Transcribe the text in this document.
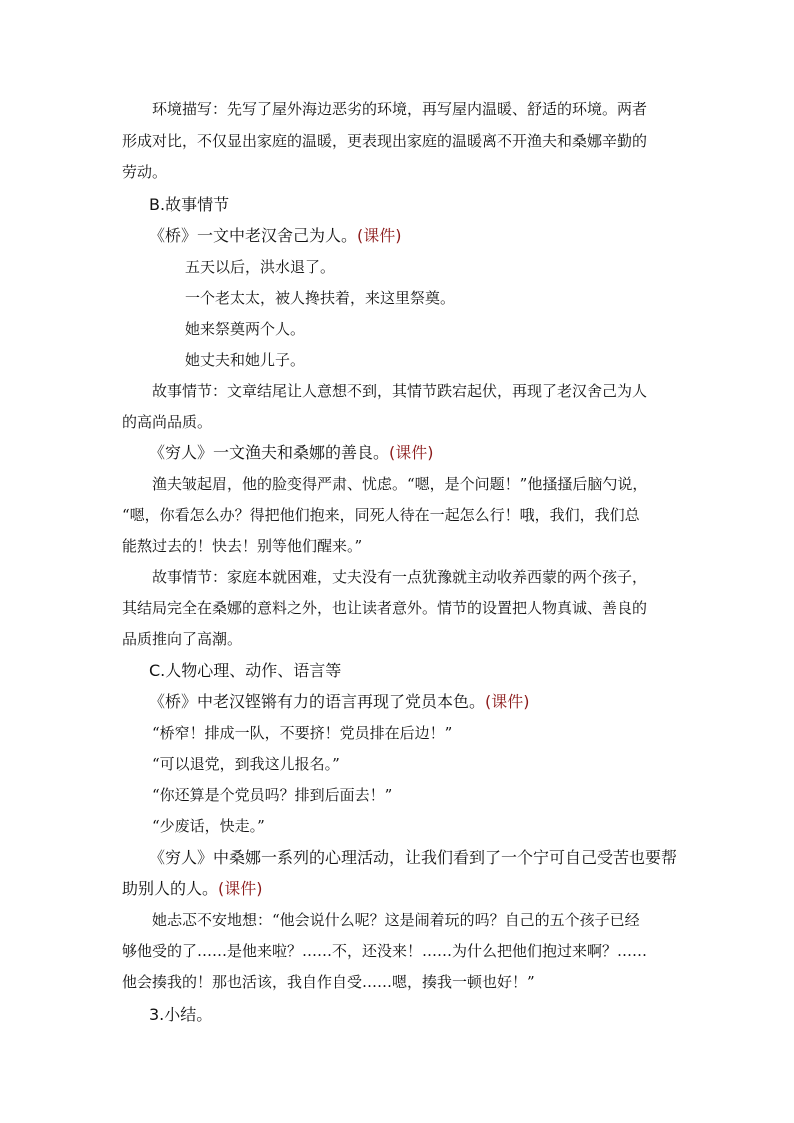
环境描写：先写了屋外海边恶劣的环境，再写屋内温暖、舒适的环境。两者
形成对比，不仅显出家庭的温暖，更表现出家庭的温暖离不开渔夫和桑娜辛勤的
劳动。
B.故事情节
《桥》一文中老汉舍己为人。(课件)
五天以后，洪水退了。
一个老太太，被人搀扶着，来这里祭奠。
她来祭奠两个人。
她丈夫和她儿子。
故事情节：文章结尾让人意想不到，其情节跌宕起伏，再现了老汉舍己为人
的高尚品质。
《穷人》一文渔夫和桑娜的善良。(课件)
渔夫皱起眉，他的脸变得严肃、忧虑。“嗯，是个问题！”他搔搔后脑勺说，
“嗯，你看怎么办？得把他们抱来，同死人待在一起怎么行！哦，我们，我们总
能熬过去的！快去！别等他们醒来。”
故事情节：家庭本就困难，丈夫没有一点犹豫就主动收养西蒙的两个孩子，
其结局完全在桑娜的意料之外，也让读者意外。情节的设置把人物真诚、善良的
品质推向了高潮。
C.人物心理、动作、语言等
《桥》中老汉铿锵有力的语言再现了党员本色。(课件)
“桥窄！排成一队，不要挤！党员排在后边！”
“可以退党，到我这儿报名。”
“你还算是个党员吗？排到后面去！”
“少废话，快走。”
《穷人》中桑娜一系列的心理活动，让我们看到了一个宁可自己受苦也要帮
助别人的人。(课件)
她忐忑不安地想：“他会说什么呢？这是闹着玩的吗？自己的五个孩子已经
够他受的了……是他来啦？……不，还没来！……为什么把他们抱过来啊？……
他会揍我的！那也活该，我自作自受……嗯，揍我一顿也好！”
3.小结。
